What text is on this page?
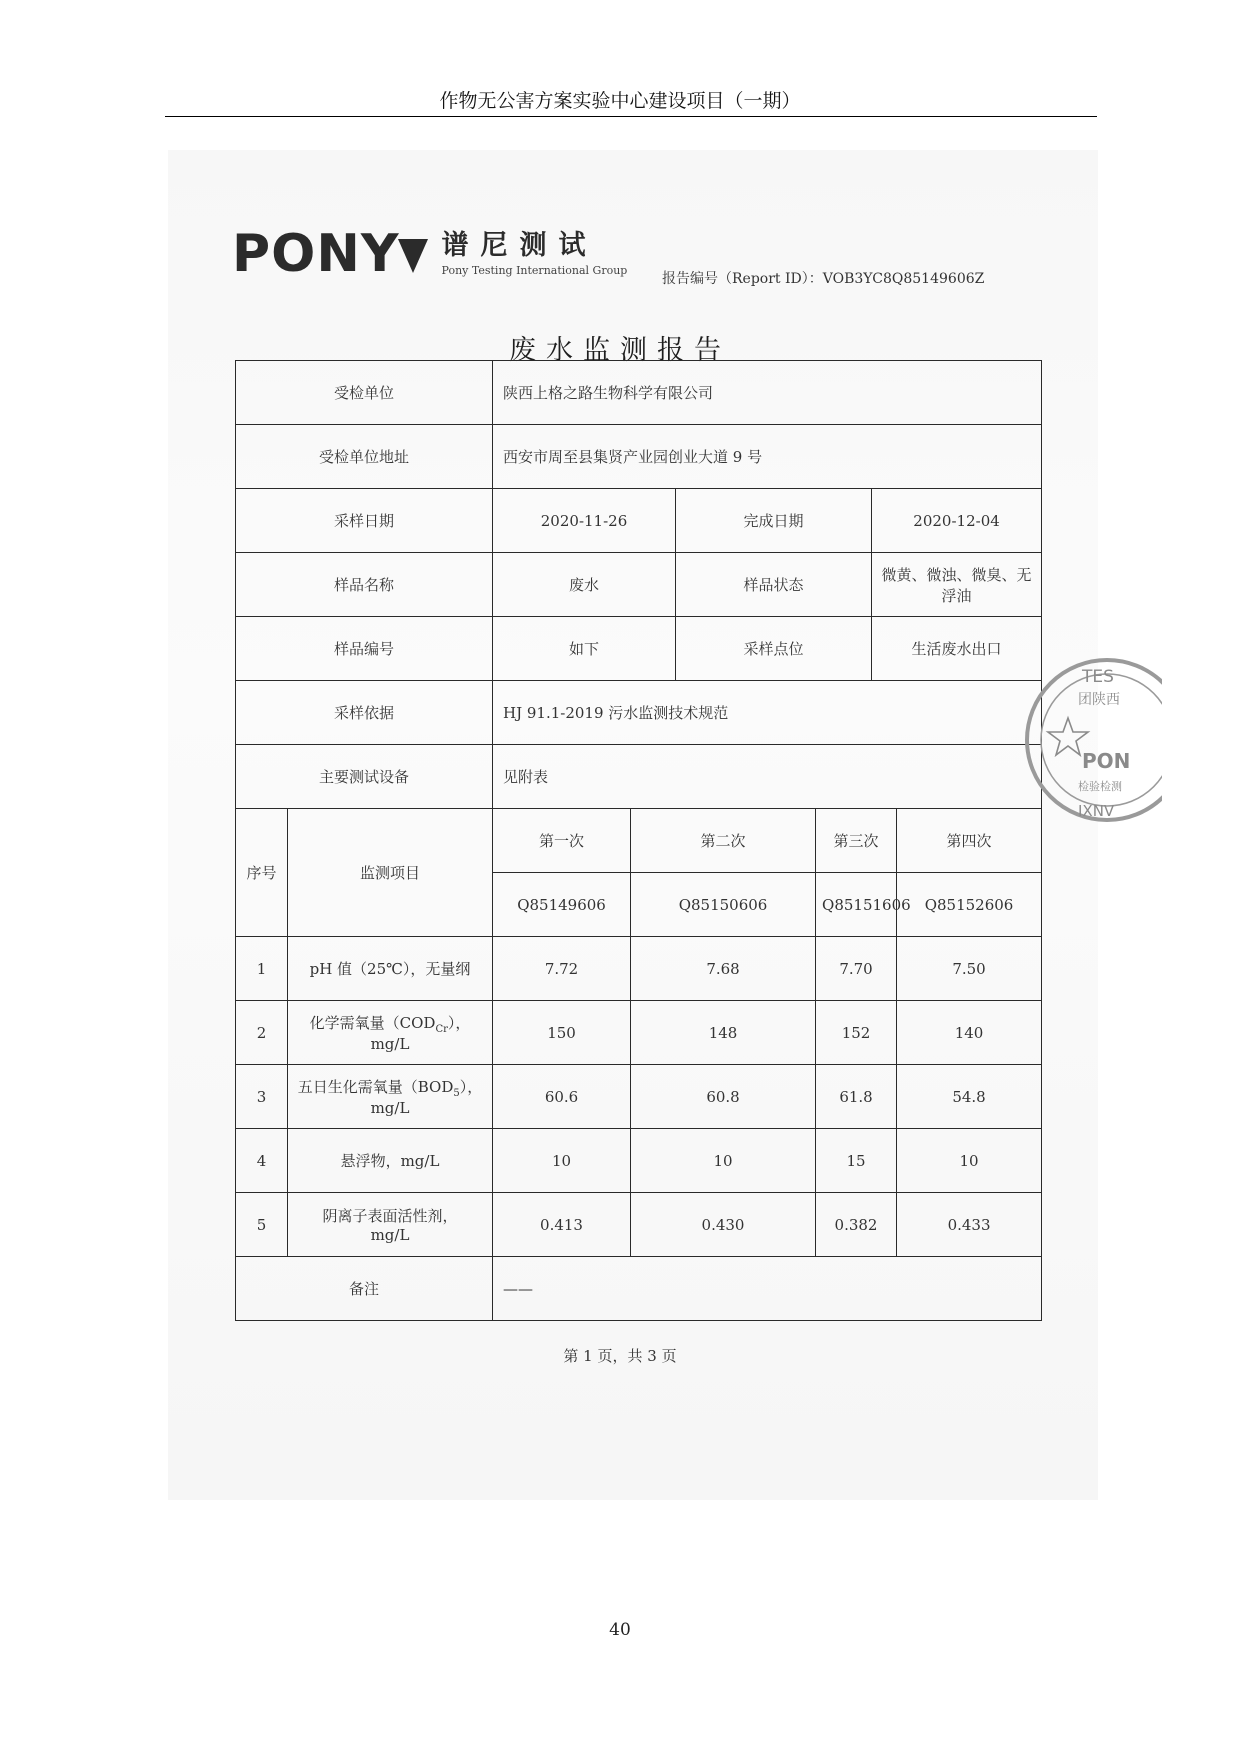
作物无公害方案实验中心建设项目（一期）
PONY 谱尼测试
Pony Testing International Group
报告编号（Report ID）：VOB3YC8Q85149606Z
废水监测报告
受检单位		陕西上格之路生物科学有限公司					
受检单位地址		西安市周至县集贤产业园创业大道 9 号					
采样日期		2020-11-26		完成日期		2020-12-04	
样品名称		废水		样品状态		微黄、微浊、微臭、无浮油	
样品编号		如下		采样点位		生活废水出口	
采样依据		HJ 91.1-2019 污水监测技术规范					
主要测试设备		见附表					
序号	监测项目	第一次	第二次		第三次		第四次
		Q85149606	Q85150606		Q85151606		Q85152606
1	pH 值（25℃），无量纲	7.72	7.68		7.70		7.50
2	化学需氧量$(COD_{Cr})$，
mg/L	150	148		152		140
3	五日生化需氧量$(BOD_5)$，
mg/L	60.6	60.8		61.8		54.8
4	悬浮物，mg/L	10	10		15		10
5	阴离子表面活性剂，
mg/L	0.413	0.430		0.382		0.433
备注		——					
TES
团陕西
PON
检验检测
IXNV
第 1 页，共 3 页
40
